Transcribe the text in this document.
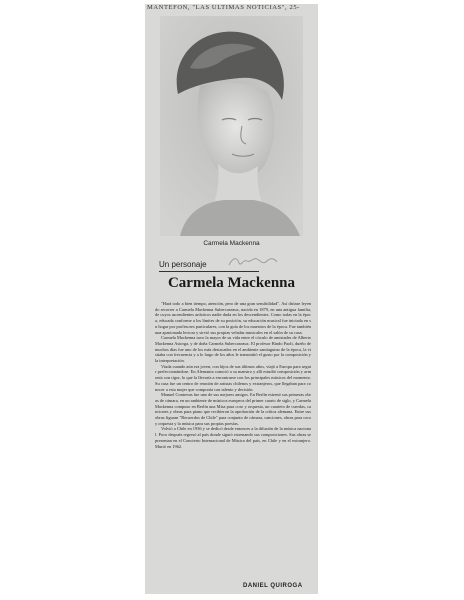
MANTEFON, "LAS ULTIMAS NOTICIAS", 25-
Carmela Mackenna
Un personaje
Carmela Mackenna

"Hará todo a bien tiempo, atención, pero de una gran sensibilidad". Así diríase leyendo recorrer a Carmela Mackenna Subercaseaux, nacida en 1879, en una antigua familia, de cuyos ascendientes artísticos nadie duda en los descendientes. Como todas en la época, educada conforme a los límites de su posición, su educación musical fue iniciada en su hogar por profesores particulares, con la guía de los maestros de la época. Fue también una apasionada lectora y sirvió sus propias veladas musicales en el salón de su casa.

Carmela Mackenna tuvo la mayor de su vida entre el círculo de amistades de Alberto Mackenna Astorga, y de doña Carmela Subercaseaux. El profesor Bindo Paoli, dueño de muchos días fue uno de los más destacados en el ambiente santiaguino de la época, la visitaba con frecuencia y a lo largo de los años le transmitió el gusto por la composición y la interpretación.

Viuda cuando aún era joven, con hijos de sus últimos años, viajó a Europa para seguir perfeccionándose. En Alemania conoció a su maestro y allí estudió composición y armonía con rigor, lo que la llevaría a encontrarse con los principales músicos del momento. Su casa fue un centro de reunión de artistas chilenos y extranjeros, que llegaban para conocer a esta mujer que componía con talento y decisión.

Manuel Contreras fue uno de sus mejores amigos. En Berlín estrenó sus primeras obras de cámara, en un ambiente de músicos europeos del primer cuarto de siglo, y Carmela Mackenna compuso en Berlín una Misa para coro y orquesta, un cuarteto de cuerdas, canciones y obras para piano que recibieron la aprobación de la crítica alemana. Entre sus obras figuran "Recuerdos de Chile" para conjunto de cámara, canciones, obras para coro y orquesta y la música para sus propias poesías.

Volvió a Chile en 1936 y se dedicó desde entonces a la difusión de la música nacional. Poco después regresó al país donde siguió estrenando sus composiciones. Sus obras se presentan en el Concierto Internacional de Música del país, en Chile y en el extranjero. Murió en 1962.

DANIEL QUIROGA
